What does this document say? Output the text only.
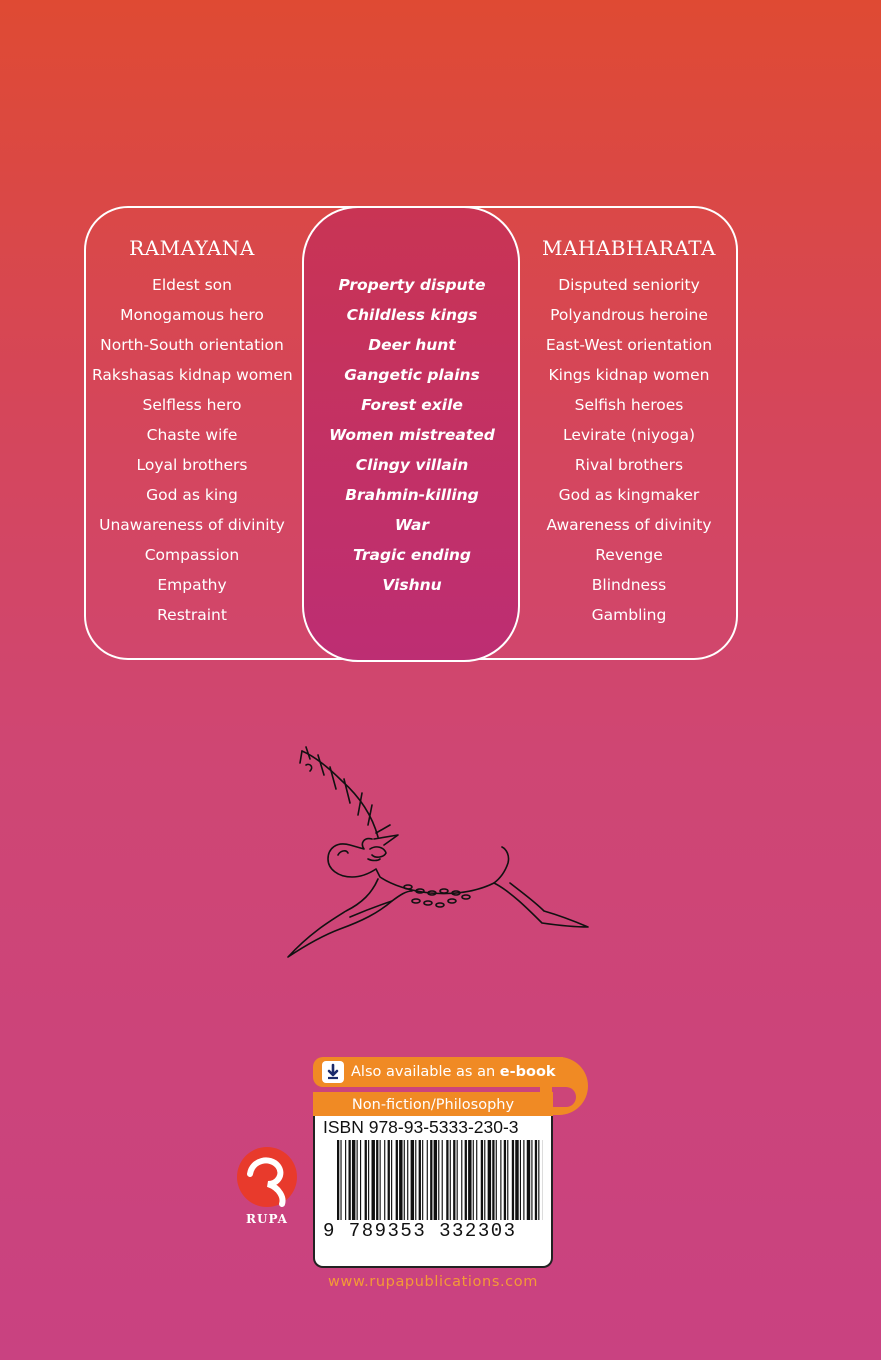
RAMAYANA
Eldest son
Monogamous hero
North-South orientation
Rakshasas kidnap women
Selfless hero
Chaste wife
Loyal brothers
God as king
Unawareness of divinity
Compassion
Empathy
Restraint
Property dispute
Childless kings
Deer hunt
Gangetic plains
Forest exile
Women mistreated
Clingy villain
Brahmin-killing
War
Tragic ending
Vishnu
MAHABHARATA
Disputed seniority
Polyandrous heroine
East-West orientation
Kings kidnap women
Selfish heroes
Levirate (niyoga)
Rival brothers
God as kingmaker
Awareness of divinity
Revenge
Blindness
Gambling
Also available as an e-book
Non-fiction/Philosophy
ISBN 978-93-5333-230-3
9 789353 332303
RUPA
www.rupapublications.com
